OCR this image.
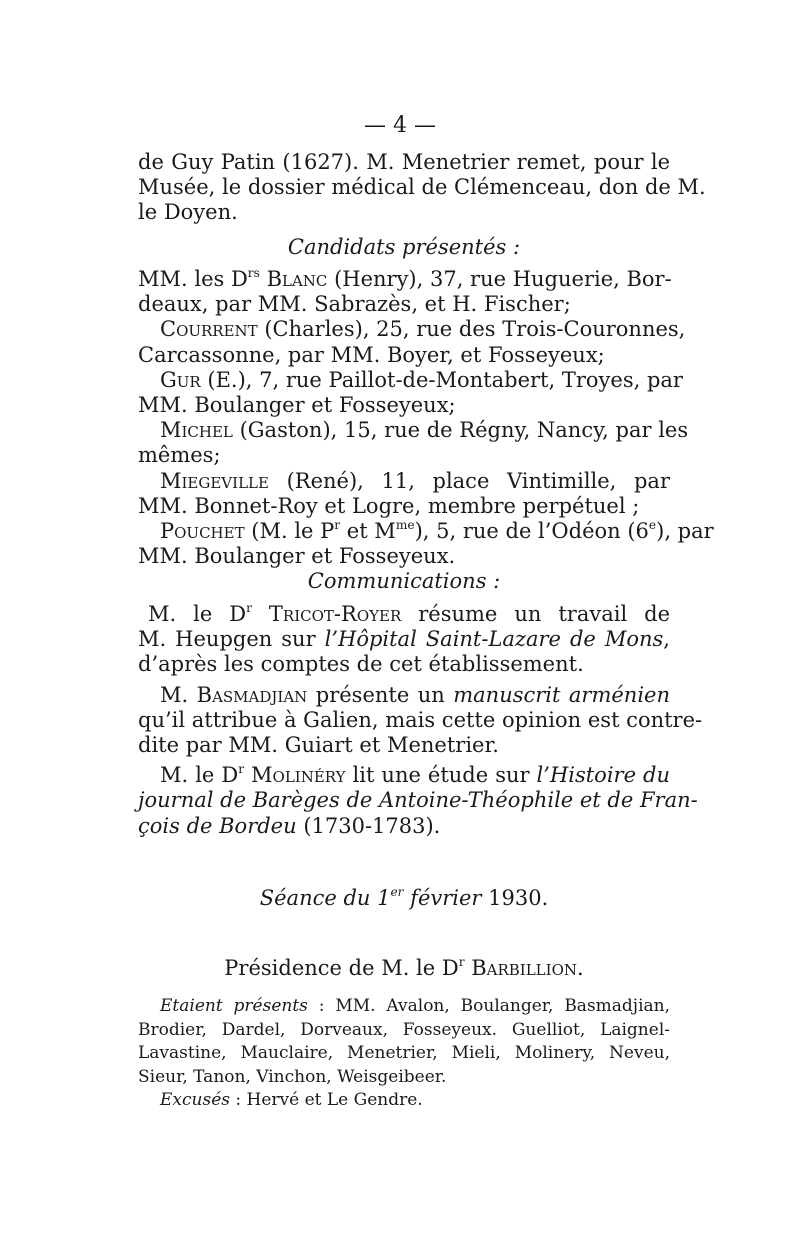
— 4 —
de Guy Patin (1627). M. Menetrier remet, pour le
Musée, le dossier médical de Clémenceau, don de M.
le Doyen.
Candidats présentés :
MM. les $D^{rs}$ Blanc (Henry), 37, rue Huguerie, Bor-
deaux, par MM. Sabrazès, et H. Fischer;
Courrent (Charles), 25, rue des Trois-Couronnes,
Carcassonne, par MM. Boyer, et Fosseyeux;
Gur (E.), 7, rue Paillot-de-Montabert, Troyes, par
MM. Boulanger et Fosseyeux;
Michel (Gaston), 15, rue de Régny, Nancy, par les
mêmes;
Miegeville (René), 11, place Vintimille, par
MM. Bonnet-Roy et Logre, membre perpétuel ;
Pouchet (M. le $P^r$ et $M^{me}$), 5, rue de l’Odéon (6e), par
MM. Boulanger et Fosseyeux.
Communications :
M. le $D^r$ Tricot-Royer résume un travail de
M. Heupgen sur l’Hôpital Saint-Lazare de Mons,
d’après les comptes de cet établissement.
M. Basmadjian présente un manuscrit arménien
qu’il attribue à Galien, mais cette opinion est contre-
dite par MM. Guiart et Menetrier.
M. le $D^r$ Molinéry lit une étude sur l’Histoire du
journal de Barèges de Antoine-Théophile et de Fran-
çois de Bordeu (1730-1783).
Séance du 1er février 1930.
Présidence de M. le $D^r$ Barbillion.
Etaient présents : MM. Avalon, Boulanger, Basmadjian,
Brodier, Dardel, Dorveaux, Fosseyeux. Guelliot, Laignel-
Lavastine, Mauclaire, Menetrier, Mieli, Molinery, Neveu,
Sieur, Tanon, Vinchon, Weisgeibeer.
Excusés : Hervé et Le Gendre.
